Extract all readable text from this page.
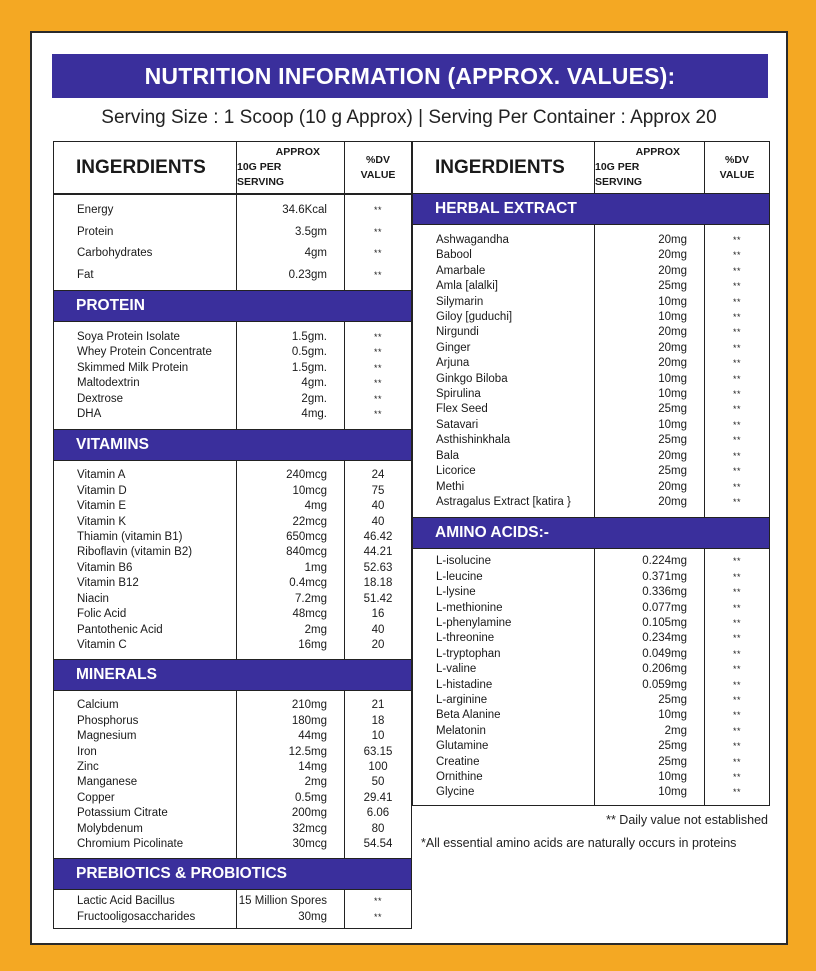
NUTRITION INFORMATION (APPROX. VALUES):
Serving Size : 1 Scoop (10 g Approx) | Serving Per Container : Approx 20
INGERDIENTS
APPROX
10G PER SERVING
%DV
VALUE
Energy
Protein
Carbohydrates
Fat
34.6Kcal
3.5gm
4gm
0.23gm
**
**
**
**
PROTEIN
Soya Protein Isolate
Whey Protein Concentrate
Skimmed Milk Protein
Maltodextrin
Dextrose
DHA
1.5gm.
0.5gm.
1.5gm.
4gm.
2gm.
4mg.
**
**
**
**
**
**
VITAMINS
Vitamin A
Vitamin D
Vitamin E
Vitamin K
Thiamin (vitamin B1)
Riboflavin (vitamin B2)
Vitamin B6
Vitamin B12
Niacin
Folic Acid
Pantothenic Acid
Vitamin C
240mcg
10mcg
4mg
22mcg
650mcg
840mcg
1mg
0.4mcg
7.2mg
48mcg
2mg
16mg
24
75
40
40
46.42
44.21
52.63
18.18
51.42
16
40
20
MINERALS
Calcium
Phosphorus
Magnesium
Iron
Zinc
Manganese
Copper
Potassium Citrate
Molybdenum
Chromium Picolinate
210mg
180mg
44mg
12.5mg
14mg
2mg
0.5mg
200mg
32mcg
30mcg
21
18
10
63.15
100
50
29.41
6.06
80
54.54
PREBIOTICS & PROBIOTICS
Lactic Acid Bacillus
Fructooligosaccharides
15 Million Spores
30mg
**
**
INGERDIENTS
APPROX
10G PER SERVING
%DV
VALUE
HERBAL EXTRACT
Ashwagandha
Babool
Amarbale
Amla [alalki]
Silymarin
Giloy [guduchi]
Nirgundi
Ginger
Arjuna
Ginkgo Biloba
Spirulina
Flex Seed
Satavari
Asthishinkhala
Bala
Licorice
Methi
Astragalus Extract [katira }
20mg
20mg
20mg
25mg
10mg
10mg
20mg
20mg
20mg
10mg
10mg
25mg
10mg
25mg
20mg
25mg
20mg
20mg
**
**
**
**
**
**
**
**
**
**
**
**
**
**
**
**
**
**
AMINO ACIDS:-
L-isolucine
L-leucine
L-lysine
L-methionine
L-phenylamine
L-threonine
L-tryptophan
L-valine
L-histadine
L-arginine
Beta Alanine
Melatonin
Glutamine
Creatine
Ornithine
Glycine
0.224mg
0.371mg
0.336mg
0.077mg
0.105mg
0.234mg
0.049mg
0.206mg
0.059mg
25mg
10mg
2mg
25mg
25mg
10mg
10mg
**
**
**
**
**
**
**
**
**
**
**
**
**
**
**
**
** Daily value not established
*All essential amino acids are naturally occurs in proteins
